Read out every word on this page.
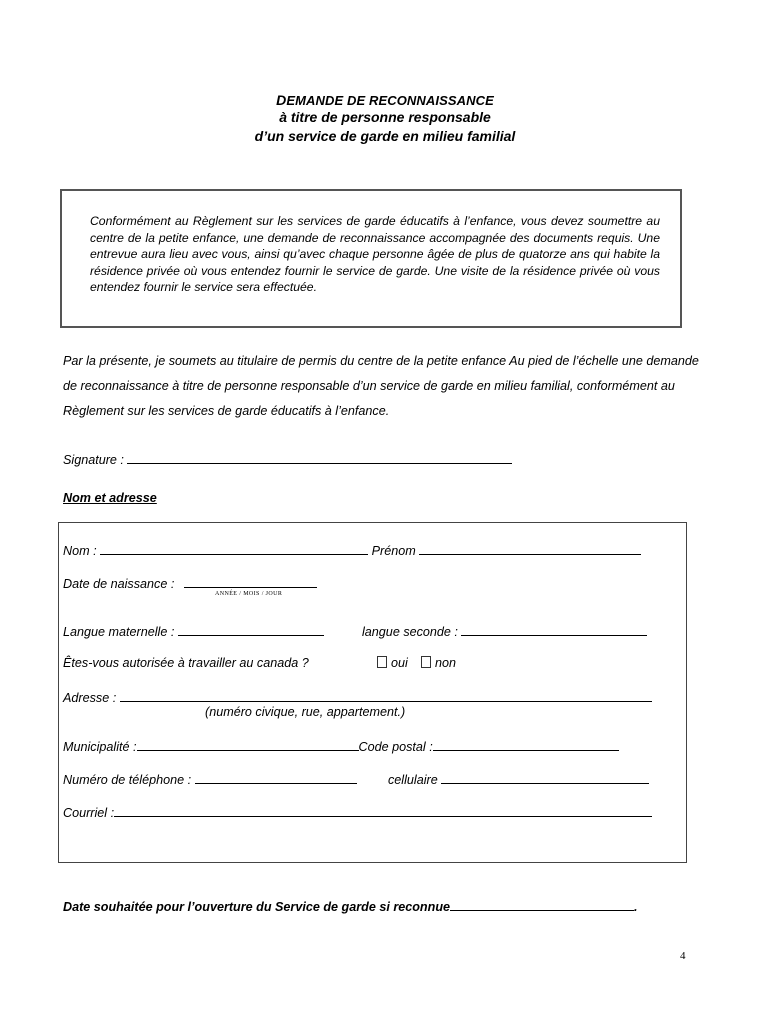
DEMANDE DE RECONNAISSANCE
à titre de personne responsable
d’un service de garde en milieu familial
Conformément au Règlement sur les services de garde éducatifs à l’enfance, vous devez soumettre au centre de la petite enfance, une demande de reconnaissance accompagnée des documents requis. Une entrevue aura lieu avec vous, ainsi qu’avec chaque personne âgée de plus de quatorze ans qui habite la résidence privée où vous entendez fournir le service de garde. Une visite de la résidence privée où vous entendez fournir le service sera effectuée.
Par la présente, je soumets au titulaire de permis du centre de la petite enfance Au pied de l’échelle une demande de reconnaissance à titre de personne responsable d’un service de garde en milieu familial, conformément au Règlement sur les services de garde éducatifs à l’enfance.
Signature :
Nom et adresse
Nom :	Prénom
Date de naissance :
ANNÉE / MOIS / JOUR
Langue maternelle :	langue seconde :
Êtes-vous autorisée à travailler au canada ?	oui	non
Adresse :
(numéro civique, rue, appartement.)
Municipalité :	Code postal :
Numéro de téléphone :	cellulaire
Courriel :
Date souhaitée pour l’ouverture du Service de garde si reconnue	.
4
